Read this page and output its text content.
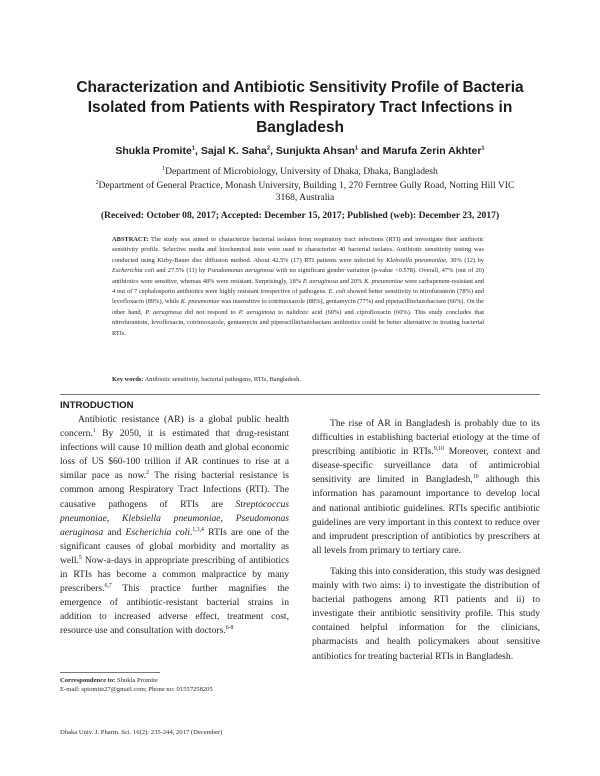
Characterization and Antibiotic Sensitivity Profile of Bacteria Isolated from Patients with Respiratory Tract Infections in Bangladesh
Shukla Promite$^1$, Sajal K. Saha$^2$, Sunjukta Ahsan$^1$ and Marufa Zerin Akhter$^1$
$^1$Department of Microbiology, University of Dhaka, Dhaka, Bangladesh
$^2$Department of General Practice, Monash University, Building 1, 270 Ferntree Gully Road, Notting Hill VIC 3168, Australia
(Received: October 08, 2017; Accepted: December 15, 2017; Published (web): December 23, 2017)

ABSTRACT: The study was aimed to characterize bacterial isolates from respiratory tract infections (RTI) and investigate their antibiotic sensitivity profile. Selective media and biochemical tests were used to characterize 40 bacterial isolates. Antibiotic sensitivity testing was conducted using Kirby-Bauer disc diffusion method. About 42.5% (17) RTI patients were infected by Klebsiella pneumoniae, 30% (12) by Escherichia coli and 27.5% (11) by Pseudomonas aeruginosa with no significant gender variation (p-value <0.578). Overall, 47% (out of 20) antibiotics were sensitive, whereas 48% were resistant. Surprisingly, 18% P. aeruginosa and 20% K. pneumoniae were carbapenem-resistant and 4 out of 7 cephalosporin antibiotics were highly resistant irrespective of pathogens. E. coli showed better sensitivity to nitrofurantoin (78%) and levofloxacin (89%), while K. pneumoniae was insensitive to cotrimoxazole (88%), gentamycin (77%) and piperacillin/tazobactam (66%). On the other hand, P. aeruginosa did not respond to P. aeruginosa to nalidixic acid (60%) and ciprofloxacin (60%). This study concludes that nitrofurantoin, levofloxacin, cotrimoxazole, gentamycin and piperacillin/tazobactam antibiotics could be better alternative in treating bacterial RTIs.

Key words: Antibiotic sensitivity, bacterial pathogens, RTIs, Bangladesh.
INTRODUCTION

Antibiotic resistance (AR) is a global public health concern.$^1$ By 2050, it is estimated that drug-resistant infections will cause 10 million death and global economic loss of US $60-100 trillion if AR continues to rise at a similar pace as now.$^2$ The rising bacterial resistance is common among Respiratory Tract Infections (RTI). The causative pathogens of RTIs are Streptococcus pneumoniae, Klebsiella pneumoniae, Pseudomonas aeruginosa and Escherichia coli.$^{1,3,4}$ RTIs are one of the significant causes of global morbidity and mortality as well.$^5$ Now-a-days in appropriate prescribing of antibiotics in RTIs has become a common malpractice by many prescribers.$^{6,7}$ This practice further magnifies the emergence of antibiotic-resistant bacterial strains in addition to increased adverse effect, treatment cost, resource use and consultation with doctors.$^{6-8}$

The rise of AR in Bangladesh is probably due to its difficulties in establishing bacterial etiology at the time of prescribing antibiotic in RTIs.$^{9,10}$ Moreover, context and disease-specific surveillance data of antimicrobial sensitivity are limited in Bangladesh,$^{10}$ although this information has paramount importance to develop local and national antibiotic guidelines. RTIs specific antibiotic guidelines are very important in this context to reduce over and imprudent prescription of antibiotics by prescribers at all levels from primary to tertiary care.

Taking this into consideration, this study was designed mainly with two aims: i) to investigate the distribution of bacterial pathogens among RTI patients and ii) to investigate their antibiotic sensitivity profile. This study contained helpful information for the clinicians, pharmacists and health policymakers about sensitive antibiotics for treating bacterial RTIs in Bangladesh.

Correspondence to: Shukla Promite
E-mail: sptomite27@gmail.com; Phone no: 01557258205
Dhaka Univ. J. Pharm. Sci. 16(2): 235-244, 2017 (December)
